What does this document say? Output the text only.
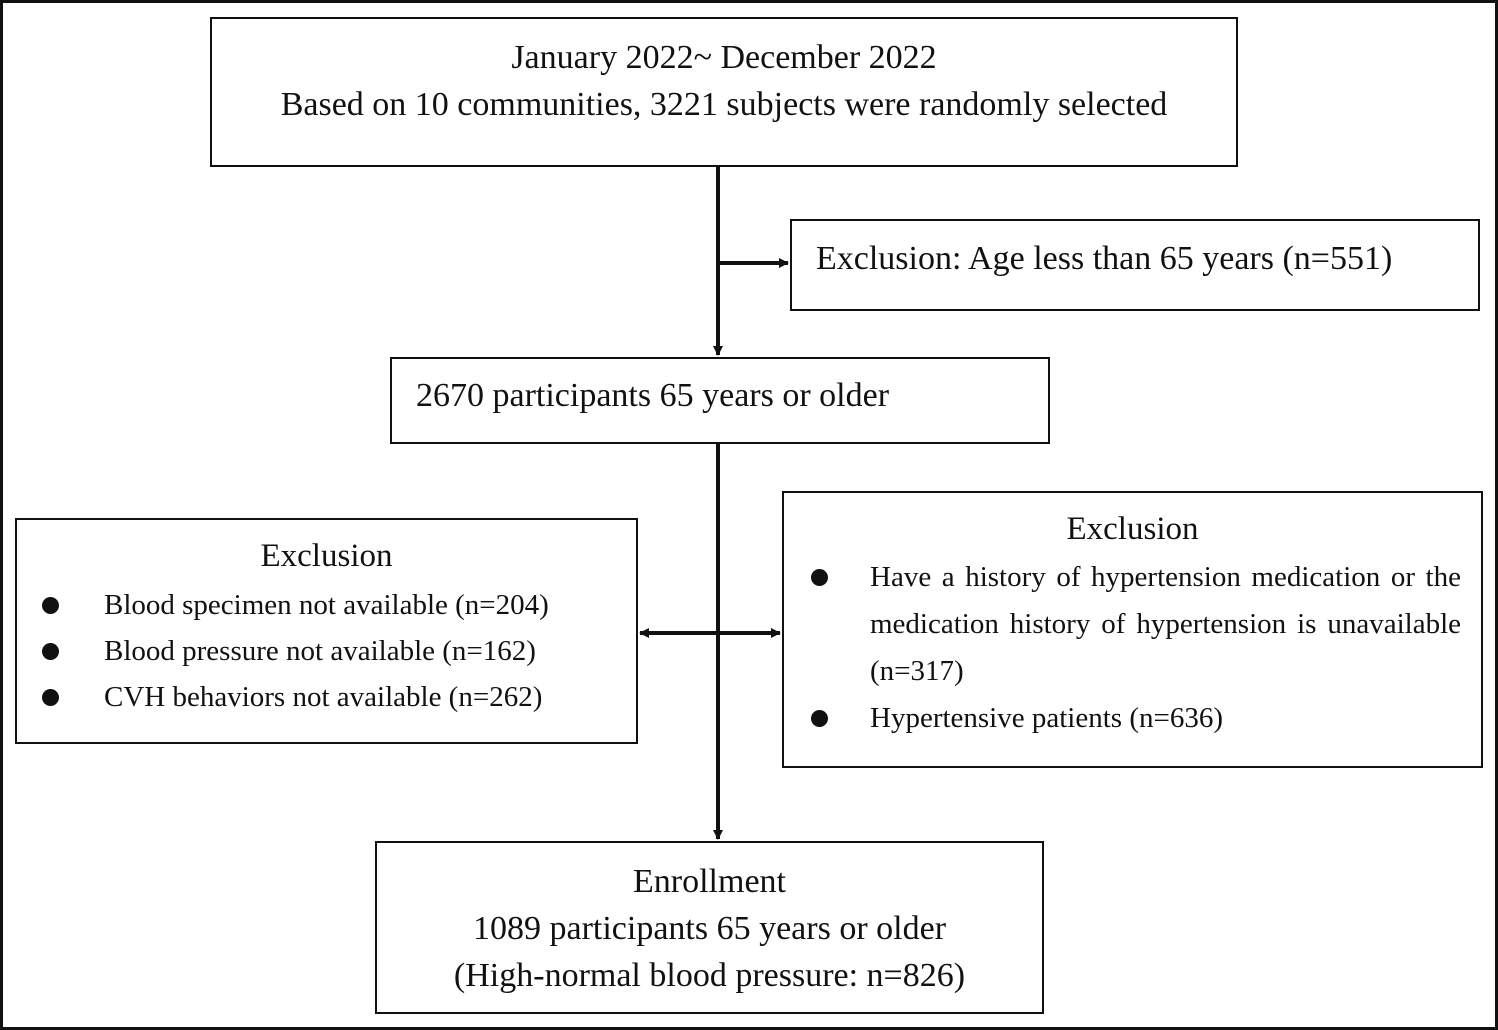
January 2022~ December 2022
Based on 10 communities, 3221 subjects were randomly selected
Exclusion: Age less than 65 years (n=551)
2670 participants 65 years or older
Exclusion
Blood specimen not available (n=204)
Blood pressure not available (n=162)
CVH behaviors not available (n=262)
Exclusion
Have a history of hypertension medication or the medication history of hypertension is unavailable (n=317)
Hypertensive patients (n=636)
Enrollment
1089 participants 65 years or older
(High-normal blood pressure: n=826)
